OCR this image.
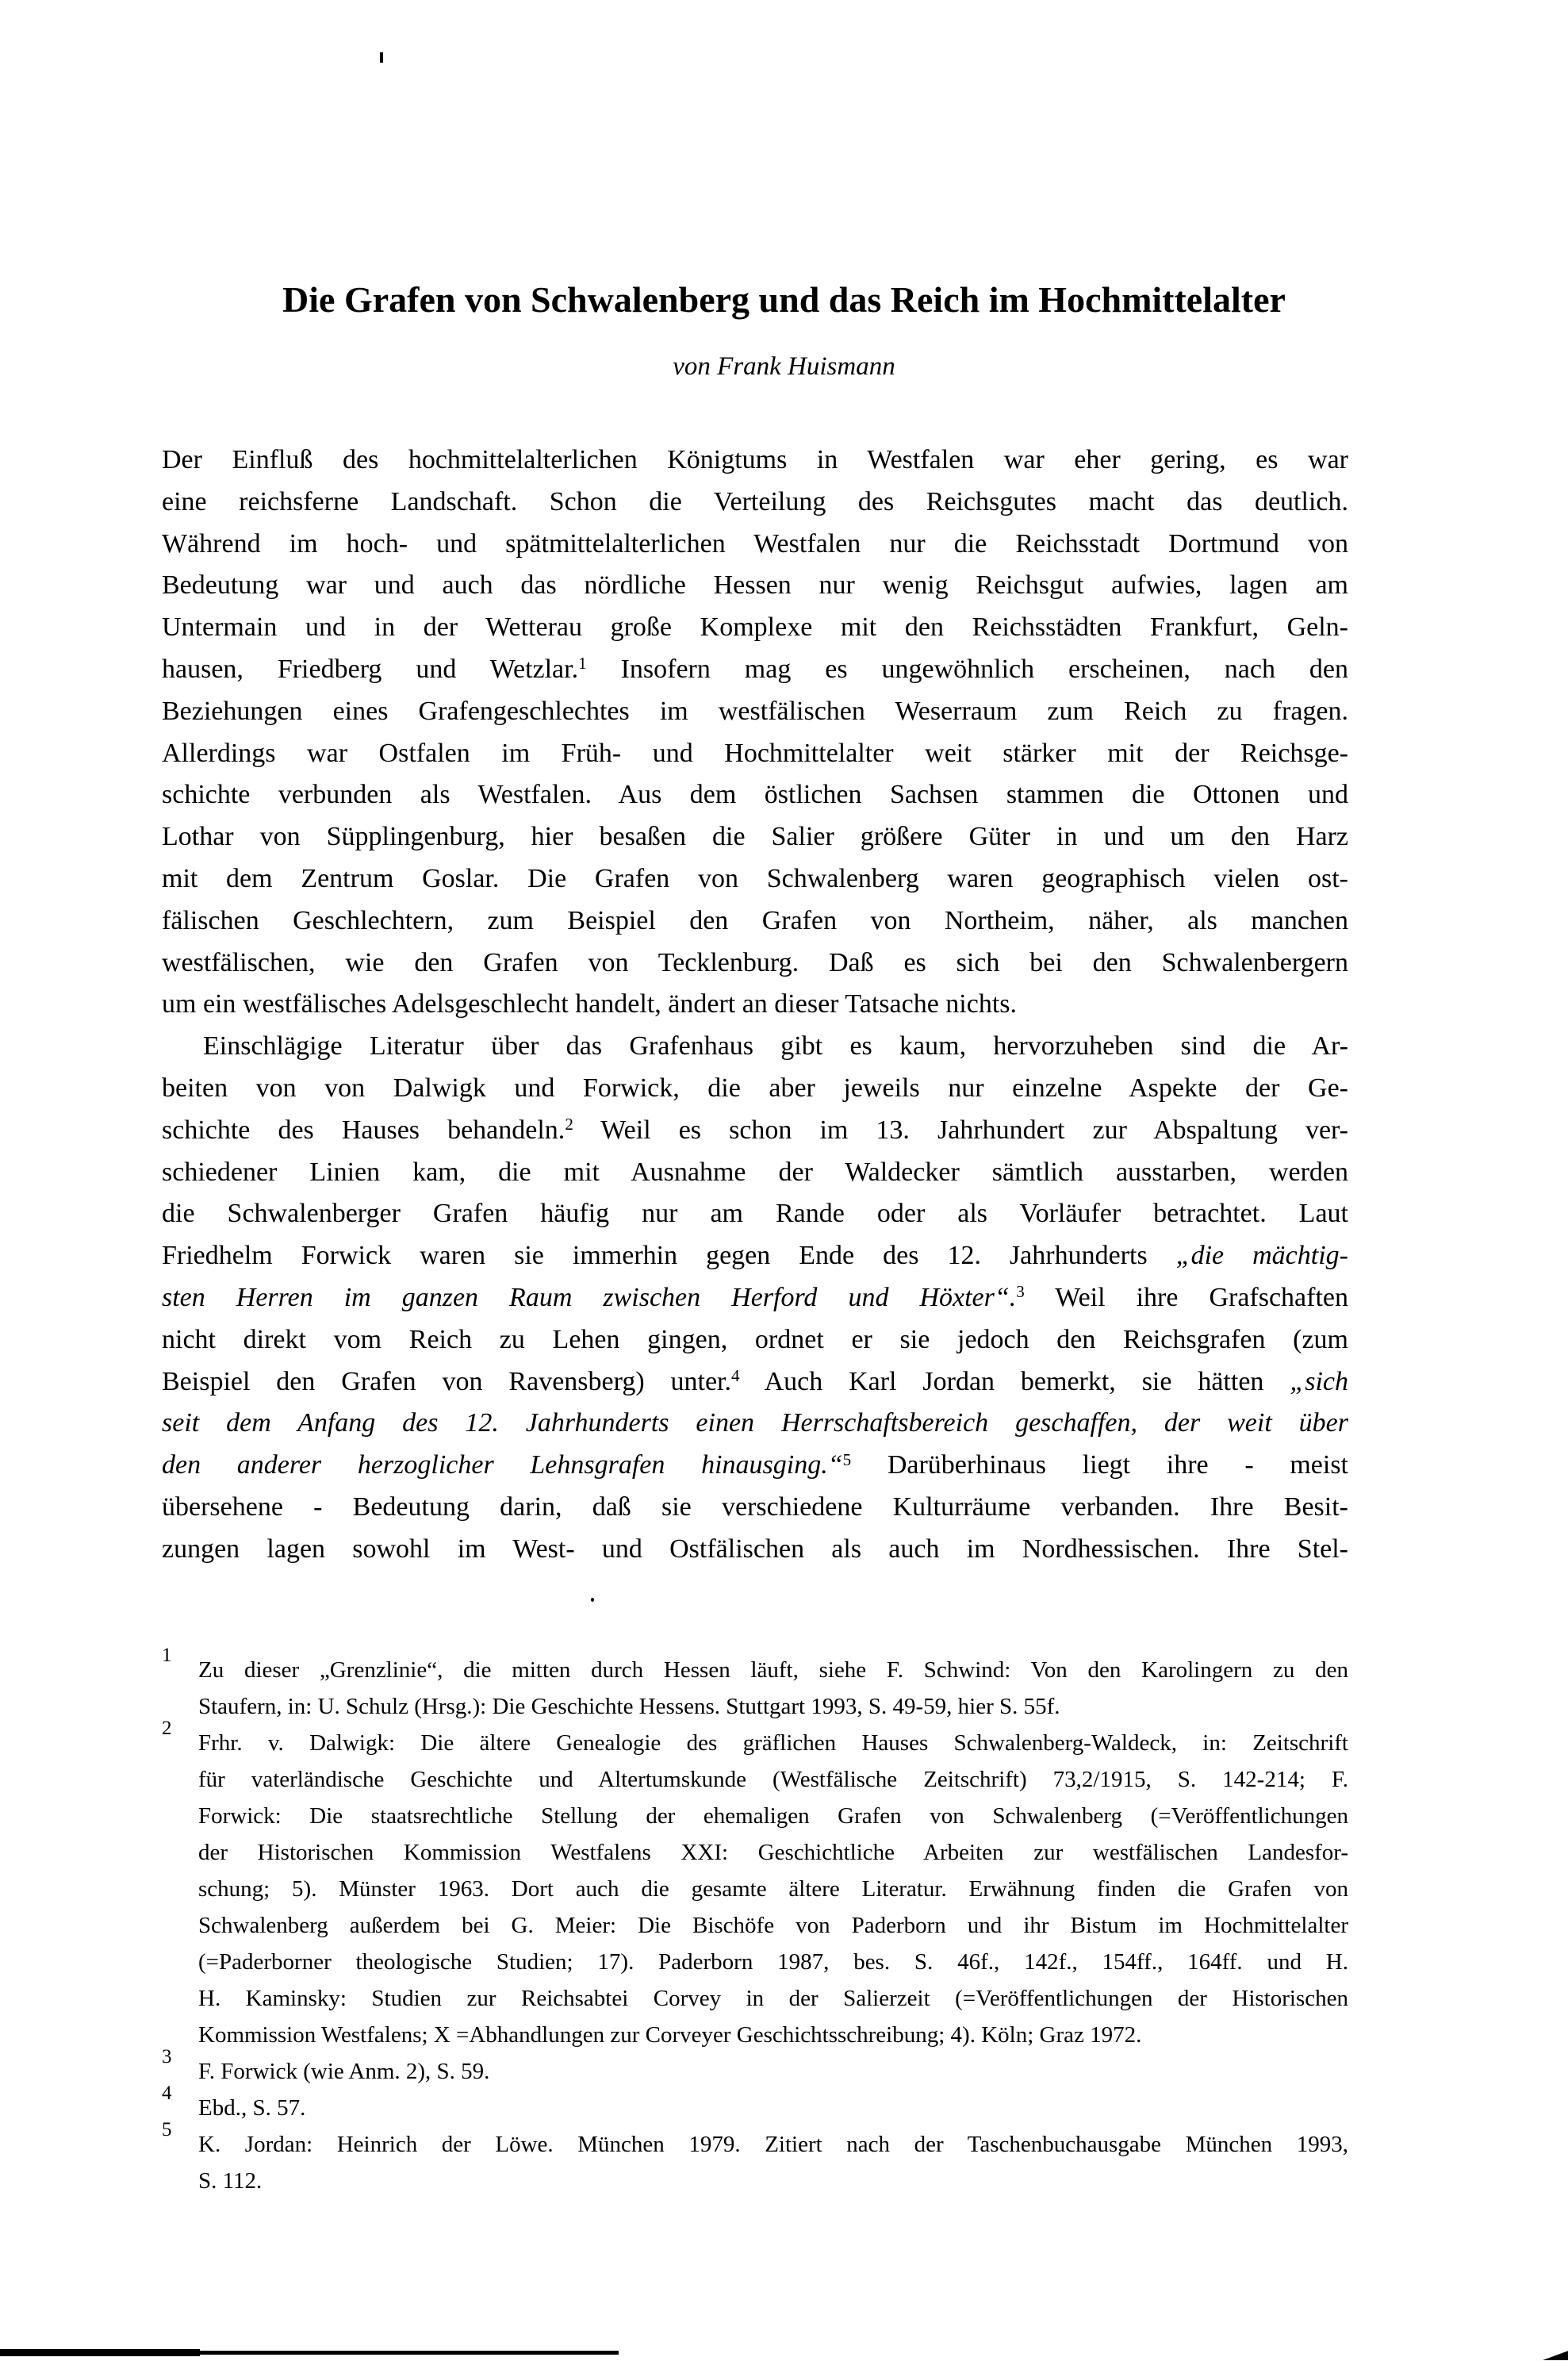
Die Grafen von Schwalenberg und das Reich im Hochmittelalter
von Frank Huismann
Der Einfluß des hochmittelalterlichen Königtums in Westfalen war eher gering, es war
eine reichsferne Landschaft. Schon die Verteilung des Reichsgutes macht das deutlich.
Während im hoch- und spätmittelalterlichen Westfalen nur die Reichsstadt Dortmund von
Bedeutung war und auch das nördliche Hessen nur wenig Reichsgut aufwies, lagen am
Untermain und in der Wetterau große Komplexe mit den Reichsstädten Frankfurt, Geln-
hausen, Friedberg und Wetzlar.$^1$ Insofern mag es ungewöhnlich erscheinen, nach den
Beziehungen eines Grafengeschlechtes im westfälischen Weserraum zum Reich zu fragen.
Allerdings war Ostfalen im Früh- und Hochmittelalter weit stärker mit der Reichsge-
schichte verbunden als Westfalen. Aus dem östlichen Sachsen stammen die Ottonen und
Lothar von Süpplingenburg, hier besaßen die Salier größere Güter in und um den Harz
mit dem Zentrum Goslar. Die Grafen von Schwalenberg waren geographisch vielen ost-
fälischen Geschlechtern, zum Beispiel den Grafen von Northeim, näher, als manchen
westfälischen, wie den Grafen von Tecklenburg. Daß es sich bei den Schwalenbergern
um ein westfälisches Adelsgeschlecht handelt, ändert an dieser Tatsache nichts.
Einschlägige Literatur über das Grafenhaus gibt es kaum, hervorzuheben sind die Ar-
beiten von von Dalwigk und Forwick, die aber jeweils nur einzelne Aspekte der Ge-
schichte des Hauses behandeln.$^2$ Weil es schon im 13. Jahrhundert zur Abspaltung ver-
schiedener Linien kam, die mit Ausnahme der Waldecker sämtlich ausstarben, werden
die Schwalenberger Grafen häufig nur am Rande oder als Vorläufer betrachtet. Laut
Friedhelm Forwick waren sie immerhin gegen Ende des 12. Jahrhunderts „die mächtig-
sten Herren im ganzen Raum zwischen Herford und Höxter“.$^3$ Weil ihre Grafschaften
nicht direkt vom Reich zu Lehen gingen, ordnet er sie jedoch den Reichsgrafen (zum
Beispiel den Grafen von Ravensberg) unter.$^4$ Auch Karl Jordan bemerkt, sie hätten „sich
seit dem Anfang des 12. Jahrhunderts einen Herrschaftsbereich geschaffen, der weit über
den anderer herzoglicher Lehnsgrafen hinausging.“$^5$ Darüberhinaus liegt ihre - meist
übersehene - Bedeutung darin, daß sie verschiedene Kulturräume verbanden. Ihre Besit-
zungen lagen sowohl im West- und Ostfälischen als auch im Nordhessischen. Ihre Stel-
1
Zu dieser „Grenzlinie“, die mitten durch Hessen läuft, siehe F. Schwind: Von den Karolingern zu den
Staufern, in: U. Schulz (Hrsg.): Die Geschichte Hessens. Stuttgart 1993, S. 49-59, hier S. 55f.
2
Frhr. v. Dalwigk: Die ältere Genealogie des gräflichen Hauses Schwalenberg-Waldeck, in: Zeitschrift
für vaterländische Geschichte und Altertumskunde (Westfälische Zeitschrift) 73,2/1915, S. 142-214; F.
Forwick: Die staatsrechtliche Stellung der ehemaligen Grafen von Schwalenberg (=Veröffentlichungen
der Historischen Kommission Westfalens XXI: Geschichtliche Arbeiten zur westfälischen Landesfor-
schung; 5). Münster 1963. Dort auch die gesamte ältere Literatur. Erwähnung finden die Grafen von
Schwalenberg außerdem bei G. Meier: Die Bischöfe von Paderborn und ihr Bistum im Hochmittelalter
(=Paderborner theologische Studien; 17). Paderborn 1987, bes. S. 46f., 142f., 154ff., 164ff. und H.
H. Kaminsky: Studien zur Reichsabtei Corvey in der Salierzeit (=Veröffentlichungen der Historischen
Kommission Westfalens; X =Abhandlungen zur Corveyer Geschichtsschreibung; 4). Köln; Graz 1972.
3
F. Forwick (wie Anm. 2), S. 59.
4
Ebd., S. 57.
5
K. Jordan: Heinrich der Löwe. München 1979. Zitiert nach der Taschenbuchausgabe München 1993,
S. 112.
